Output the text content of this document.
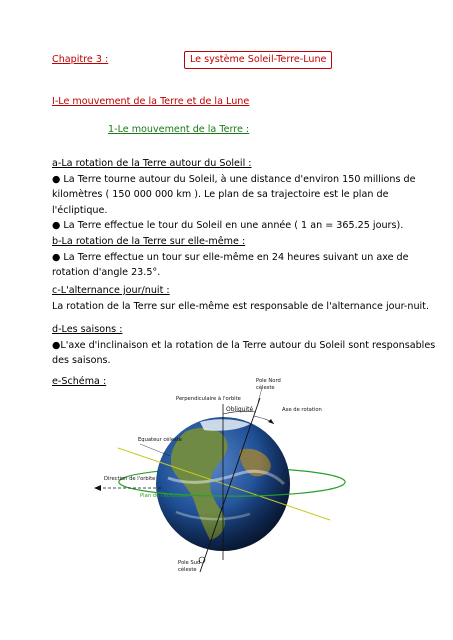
Chapitre 3 :	Le système Soleil-Terre-Lune
I-Le mouvement de la Terre et de la Lune
1-Le mouvement de la Terre :
a-La rotation de la Terre autour du Soleil :
● La Terre tourne autour du Soleil, à une distance d'environ 150 millions de
kilomètres ( 150 000 000 km ). Le plan de sa trajectoire est le plan de
l'écliptique.
● La Terre effectue le tour du Soleil en une année ( 1 an = 365.25 jours).
b-La rotation de la Terre sur elle-même :
● La Terre effectue un tour sur elle-même en 24 heures suivant un axe de
rotation d'angle 23.5°.
c-L'alternance jour/nuit :
La rotation de la Terre sur elle-même est responsable de l'alternance jour-nuit.
d-Les saisons :
●L'axe d'inclinaison et la rotation de la Terre autour du Soleil sont responsables
des saisons.
e-Schéma :	Pole Nord
céleste
Perpendiculaire à l'orbite
Obliquité	Axe de rotation
Equateur céleste
Direction de l'orbite
Plan de l'écliptique
Pole Sud
céleste
